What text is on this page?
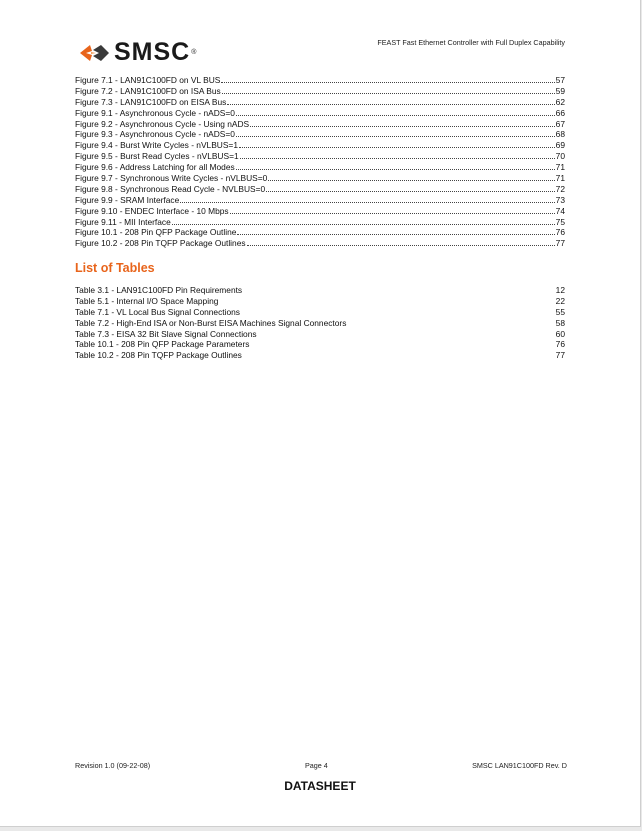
SMSC ®
FEAST Fast Ethernet Controller with Full Duplex Capability
Figure 7.1 - LAN91C100FD on VL BUS	57
Figure 7.2 - LAN91C100FD on ISA Bus	59
Figure 7.3 - LAN91C100FD on EISA Bus	62
Figure 9.1 - Asynchronous Cycle - nADS=0	66
Figure 9.2 - Asynchronous Cycle - Using nADS	67
Figure 9.3 - Asynchronous Cycle - nADS=0	68
Figure 9.4 - Burst Write Cycles - nVLBUS=1	69
Figure 9.5 - Burst Read Cycles - nVLBUS=1	70
Figure 9.6 - Address Latching for all Modes	71
Figure 9.7 - Synchronous Write Cycles - nVLBUS=0	71
Figure 9.8 - Synchronous Read Cycle - NVLBUS=0	72
Figure 9.9 - SRAM Interface	73
Figure 9.10 - ENDEC Interface - 10 Mbps	74
Figure 9.11 - MII Interface	75
Figure 10.1 - 208 Pin QFP Package Outline	76
Figure 10.2 - 208 Pin TQFP Package Outlines	77
List of Tables
Table 3.1 - LAN91C100FD Pin Requirements	12
Table 5.1 - Internal I/O Space Mapping	22
Table 7.1 - VL Local Bus Signal Connections	55
Table 7.2 - High-End ISA or Non-Burst EISA Machines Signal Connectors	58
Table 7.3 - EISA 32 Bit Slave Signal Connections	60
Table 10.1 - 208 Pin QFP Package Parameters	76
Table 10.2 - 208 Pin TQFP Package Outlines	77
Revision 1.0 (09-22-08)	Page 4	SMSC LAN91C100FD Rev. D
DATASHEET
